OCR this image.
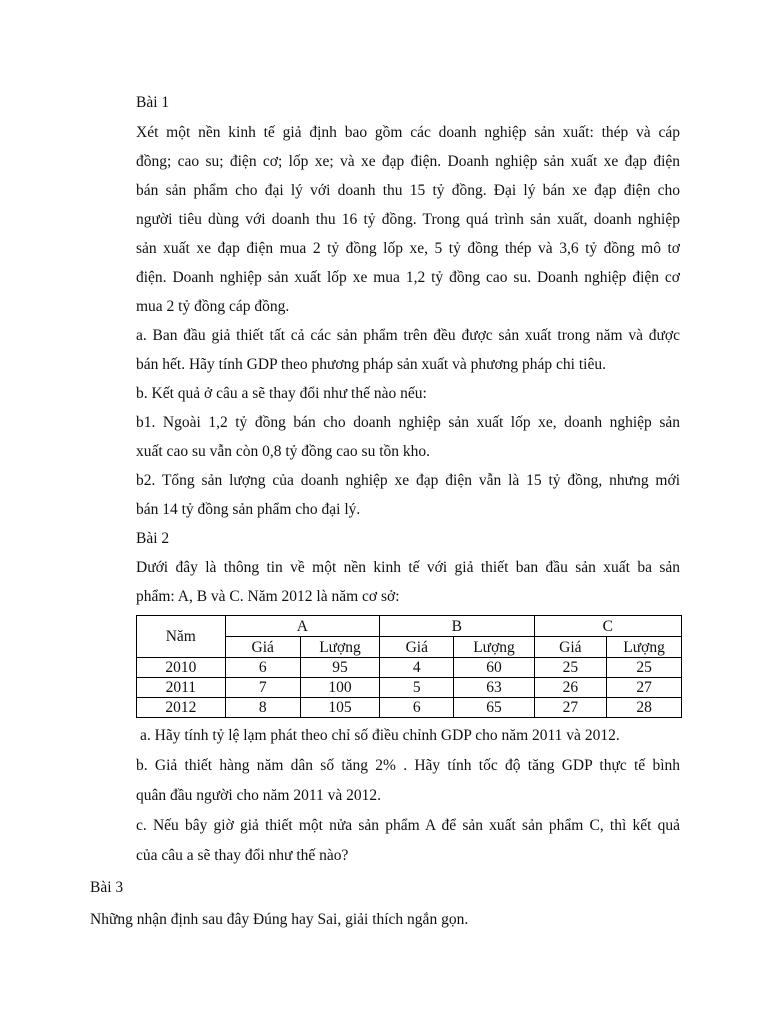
Bài 1
Xét một nền kinh tế giả định bao gồm các doanh nghiệp sản xuất: thép và cáp
đồng; cao su; điện cơ; lốp xe; và xe đạp điện. Doanh nghiệp sản xuất xe đạp điện
bán sản phẩm cho đại lý với doanh thu 15 tỷ đồng. Đại lý bán xe đạp điện cho
người tiêu dùng với doanh thu 16 tỷ đồng. Trong quá trình sản xuất, doanh nghiệp
sản xuất xe đạp điện mua 2 tỷ đồng lốp xe, 5 tỷ đồng thép và 3,6 tỷ đồng mô tơ
điện. Doanh nghiệp sản xuất lốp xe mua 1,2 tỷ đồng cao su. Doanh nghiệp điện cơ
mua 2 tỷ đồng cáp đồng.
a. Ban đầu giả thiết tất cả các sản phẩm trên đều được sản xuất trong năm và được
bán hết. Hãy tính GDP theo phương pháp sản xuất và phương pháp chi tiêu.
b. Kết quả ở câu a sẽ thay đổi như thế nào nếu:
b1. Ngoài 1,2 tỷ đồng bán cho doanh nghiệp sản xuất lốp xe, doanh nghiệp sản
xuất cao su vẫn còn 0,8 tỷ đồng cao su tồn kho.
b2. Tổng sản lượng của doanh nghiệp xe đạp điện vẫn là 15 tỷ đồng, nhưng mới
bán 14 tỷ đồng sản phẩm cho đại lý.
Bài 2
Dưới đây là thông tin về một nền kinh tế với giả thiết ban đầu sản xuất ba sản
phẩm: A, B và C. Năm 2012 là năm cơ sở:
Năm	A		B		C	
	Giá	Lượng	Giá	Lượng	Giá	Lượng
2010	6	95	4	60	25	25
2011	7	100	5	63	26	27
2012	8	105	6	65	27	28
a. Hãy tính tỷ lệ lạm phát theo chỉ số điều chỉnh GDP cho năm 2011 và 2012.
b. Giả thiết hàng năm dân số tăng 2% . Hãy tính tốc độ tăng GDP thực tế bình
quân đầu người cho năm 2011 và 2012.
c. Nếu bây giờ giả thiết một nửa sản phẩm A để sản xuất sản phẩm C, thì kết quả
của câu a sẽ thay đổi như thế nào?
Bài 3
Những nhận định sau đây Đúng hay Sai, giải thích ngắn gọn.
